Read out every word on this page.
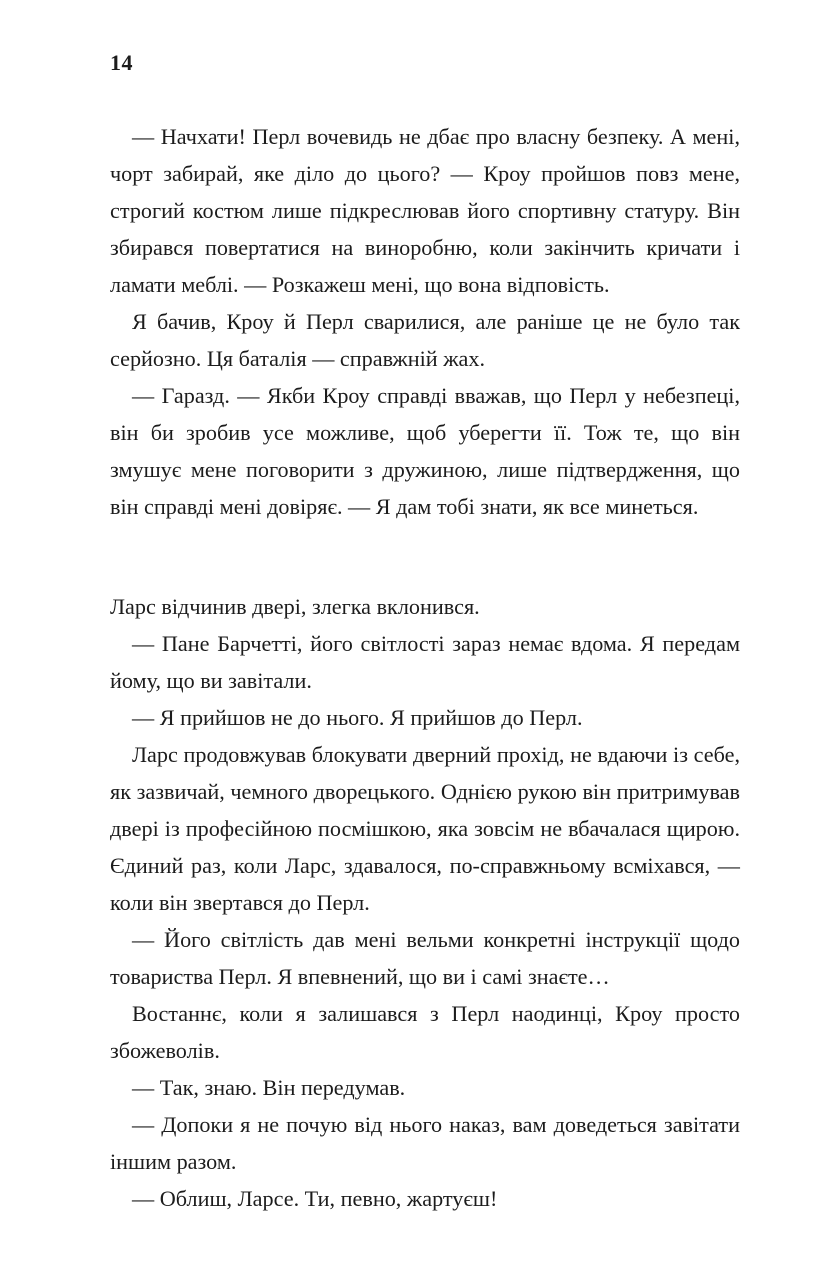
14

— Начхати! Перл вочевидь не дбає про власну безпеку. А мені, чорт забирай, яке діло до цього? — Кроу пройшов повз мене, строгий костюм лише підкреслював його спортивну статуру. Він збирався повертатися на виноробню, коли закінчить кричати і ламати меблі. — Розкажеш мені, що вона відповість.

Я бачив, Кроу й Перл сварилися, але раніше це не було так серйозно. Ця баталія — справжній жах.

— Гаразд. — Якби Кроу справді вважав, що Перл у небезпеці, він би зробив усе можливе, щоб уберегти її. Тож те, що він змушує мене поговорити з дружиною, лише підтвердження, що він справді мені довіряє. — Я дам тобі знати, як все минеться.

Ларс відчинив двері, злегка вклонився.

— Пане Барчетті, його світлості зараз немає вдома. Я передам йому, що ви завітали.

— Я прийшов не до нього. Я прийшов до Перл.

Ларс продовжував блокувати дверний прохід, не вдаючи із себе, як зазвичай, чемного дворецького. Однією рукою він притримував двері із професійною посмішкою, яка зовсім не вбачалася щирою. Єдиний раз, коли Ларс, здавалося, по-справжньому всміхався, — коли він звертався до Перл.

— Його світлість дав мені вельми конкретні інструкції щодо товариства Перл. Я впевнений, що ви і самі знаєте…

Востаннє, коли я залишався з Перл наодинці, Кроу просто збожеволів.

— Так, знаю. Він передумав.

— Допоки я не почую від нього наказ, вам доведеться завітати іншим разом.

— Облиш, Ларсе. Ти, певно, жартуєш!
